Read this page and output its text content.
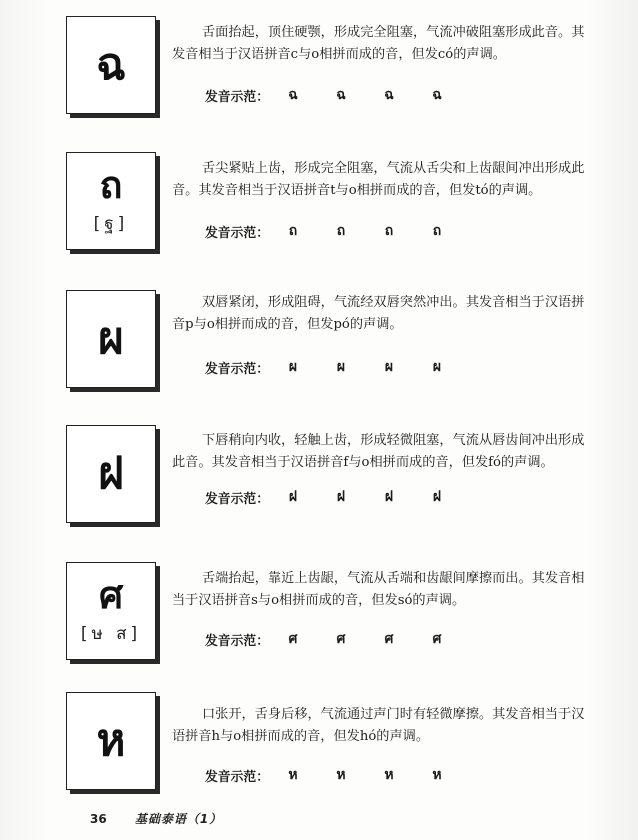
ฉ

舌面抬起，顶住硬颚，形成完全阻塞，气流冲破阻塞形成此音。其发音相当于汉语拼音c与o相拼而成的音，但发có的声调。

发音示范：	ฉ	ฉ	ฉ	ฉ
ถ
[ฐ]

舌尖紧贴上齿，形成完全阻塞，气流从舌尖和上齿龈间冲出形成此音。其发音相当于汉语拼音t与o相拼而成的音，但发tó的声调。

发音示范：	ถ	ถ	ถ	ถ
ผ

双唇紧闭，形成阻碍，气流经双唇突然冲出。其发音相当于汉语拼音p与o相拼而成的音，但发pó的声调。

发音示范：	ผ	ผ	ผ	ผ
ฝ

下唇稍向内收，轻触上齿，形成轻微阻塞，气流从唇齿间冲出形成此音。其发音相当于汉语拼音f与o相拼而成的音，但发fó的声调。

发音示范：	ฝ	ฝ	ฝ	ฝ
ศ
[ษ ส]

舌端抬起，靠近上齿龈，气流从舌端和齿龈间摩擦而出。其发音相当于汉语拼音s与o相拼而成的音，但发só的声调。

发音示范：	ศ	ศ	ศ	ศ
ห

口张开，舌身后移，气流通过声门时有轻微摩擦。其发音相当于汉语拼音h与o相拼而成的音，但发hó的声调。

发音示范：	ห	ห	ห	ห
36 基础泰语（1）
